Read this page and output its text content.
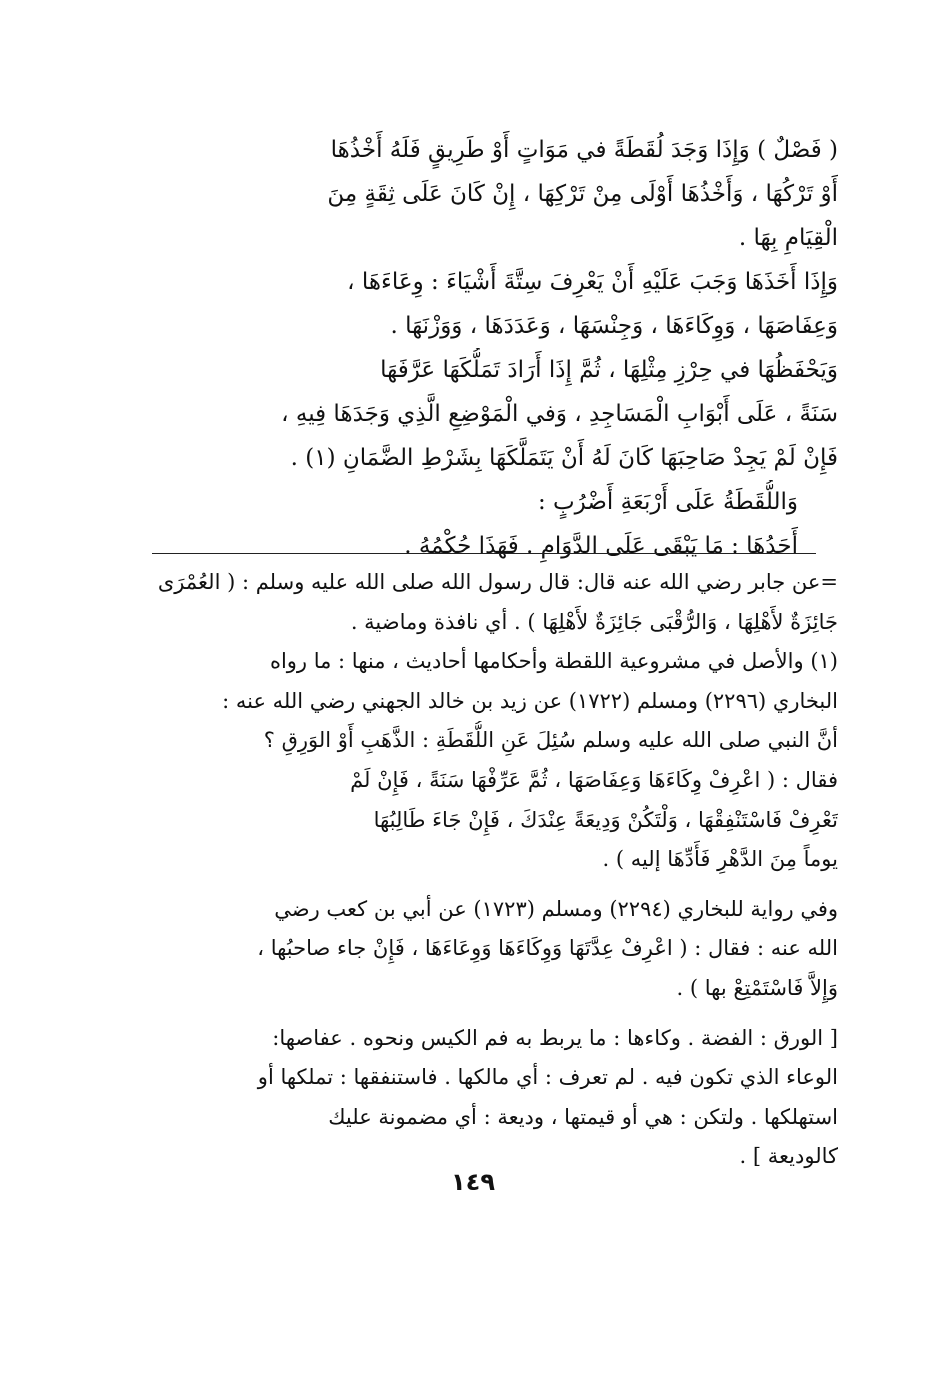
( فَصْلٌ ) وَإِذَا وَجَدَ لُقَطَةً في مَوَاتٍ أَوْ طَرِيقٍ فَلَهُ أَخْذُهَا
أَوْ تَرْكُهَا ، وَأَخْذُهَا أَوْلَى مِنْ تَرْكِهَا ، إِنْ كَانَ عَلَى ثِقَةٍ مِنَ
الْقِيَامِ بِهَا .
وَإِذَا أَخَذَهَا وَجَبَ عَلَيْهِ أَنْ يَعْرِفَ سِتَّةَ أَشْيَاءَ : وِعَاءَهَا ،
وَعِفَاصَهَا ، وَوِكَاءَهَا ، وَجِنْسَهَا ، وَعَدَدَهَا ، وَوَزْنَهَا .
وَيَحْفَظُهَا في حِرْزِ مِثْلِهَا ، ثُمَّ إِذَا أَرَادَ تَمَلُّكَهَا عَرَّفَهَا
سَنَةً ، عَلَى أَبْوَابِ الْمَسَاجِدِ ، وَفي الْمَوْضِعِ الَّذِي وَجَدَهَا فِيهِ ،
فَإِنْ لَمْ يَجِدْ صَاحِبَهَا كَانَ لَهُ أَنْ يَتَمَلَّكَهَا بِشَرْطِ الضَّمَانِ (١) .
وَاللُّقَطَةُ عَلَى أَرْبَعَةِ أَضْرُبٍ :
أَحَدُهَا : مَا يَبْقَى عَلَى الدَّوَامِ . فَهَذَا حُكْمُهُ .
=عن جابر رضي الله عنه قال: قال رسول الله صلى الله عليه وسلم : ( العُمْرَى
جَائِزَةٌ لأَهْلِهَا ، وَالرُّقْبَى جَائِزَةٌ لأَهْلِهَا ) . أي نافذة وماضية .
(١) والأصل في مشروعية اللقطة وأحكامها أحاديث ، منها : ما رواه
البخاري (٢٢٩٦) ومسلم (١٧٢٢) عن زيد بن خالد الجهني رضي الله عنه :
أنَّ النبي صلى الله عليه وسلم سُئِلَ عَنِ اللُّقَطَةِ : الذَّهَبِ أَوْ الوَرِقِ ؟
فقال : ( اعْرِفْ وِكَاءَهَا وَعِفَاصَهَا ، ثُمَّ عَرِّفْهَا سَنَةً ، فَإِنْ لَمْ
تَعْرِفْ فَاسْتَنْفِقْهَا ، وَلْتَكُنْ وَدِيعَةً عِنْدَكَ ، فَإِنْ جَاءَ طَالِبُهَا
يوماً مِنَ الدَّهْرِ فَأَدِّهَا إليه ) .
وفي رواية للبخاري (٢٢٩٤) ومسلم (١٧٢٣) عن أبي بن كعب رضي
الله عنه : فقال : ( اعْرِفْ عِدَّتَهَا وَوِكَاءَهَا وَوِعَاءَهَا ، فَإِنْ جاء صاحبُها ،
وَإِلاَّ فَاسْتَمْتِعْ بها ) .
[ الورق : الفضة . وكاءها : ما يربط به فم الكيس ونحوه . عفاصها:
الوعاء الذي تكون فيه . لم تعرف : أي مالكها . فاستنفقها : تملكها أو
استهلكها . ولتكن : هي أو قيمتها ، وديعة : أي مضمونة عليك
كالوديعة ] .
١٤٩
